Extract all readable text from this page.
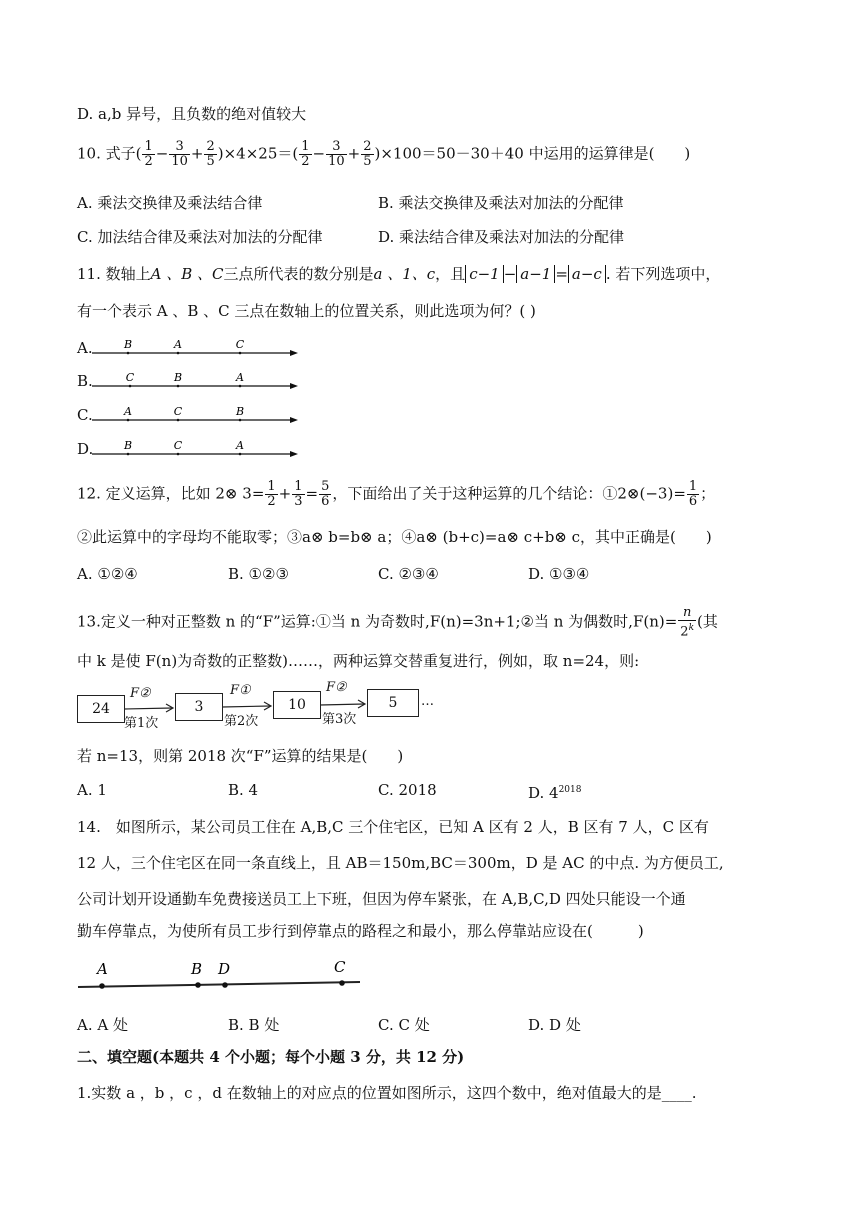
D. a,b 异号，且负数的绝对值较大
10. 式子( $\frac{1}{2} - \frac{3}{10} + \frac{2}{5} )\times 4\times 25=( \frac{1}{2} - \frac{3}{10} + \frac{2}{5} )\times 100=50-30+40$ 中运用的运算律是(　　)
A. 乘法交换律及乘法结合律	B. 乘法交换律及乘法对加法的分配律
C. 加法结合律及乘法对加法的分配律	D. 乘法结合律及乘法对加法的分配律
11. 数轴上A 、B 、C三点所代表的数分别是a 、1、c，且 c−1 − a−1 = a−c . 若下列选项中，
有一个表示 A 、B 、C 三点在数轴上的位置关系，则此选项为何？( )
A.	B	A	C
B.	C	B	A
C.	A	C	B
D.	B	C	A
12. 定义运算，比如 2⊗ $3= \frac{1}{2} + \frac{1}{3} = \frac{5}{6}$ ，下面给出了关于这种运算的几个结论：①2⊗(−3)= $\frac{1}{6}$ ；
②此运算中的字母均不能取零；③a⊗ b=b⊗ a；④a⊗ (b+c)=a⊗ c+b⊗ c，其中正确是(　　)
A. ①②④	B. ①②③	C. ②③④	D. ①③④
13.定义一种对正整数 n 的“F”运算:①当 n 为奇数时,F(n)=3n+1;②当 n 为偶数时$,F(n)= \frac{n}{2^k}$ (其
中 k 是使 F(n)为奇数的正整数)……，两种运算交替重复进行，例如，取 n=24，则:
24	3	10	5
F②	F①	F②
第1次	第2次	第3次
…
若 n=13，则第 2018 次“F”运算的结果是(　　)
A. 1	B. 4	C. 2018	D. $4^{2018}$
14.　如图所示，某公司员工住在 A,B,C 三个住宅区，已知 A 区有 2 人，B 区有 7 人，C 区有
12 人，三个住宅区在同一条直线上，且 AB＝150m,BC＝300m，D 是 AC 的中点. 为方便员工,
公司计划开设通勤车免费接送员工上下班，但因为停车紧张，在 A,B,C,D 四处只能设一个通
勤车停靠点，为使所有员工步行到停靠点的路程之和最小，那么停靠站应设在(　　　)
A	B D	C
A. A 处	B. B 处	C. C 处	D. D 处
二、填空题(本题共 4 个小题；每个小题 3 分，共 12 分)
1.实数 a ，b ，c ，d 在数轴上的对应点的位置如图所示，这四个数中，绝对值最大的是____.
